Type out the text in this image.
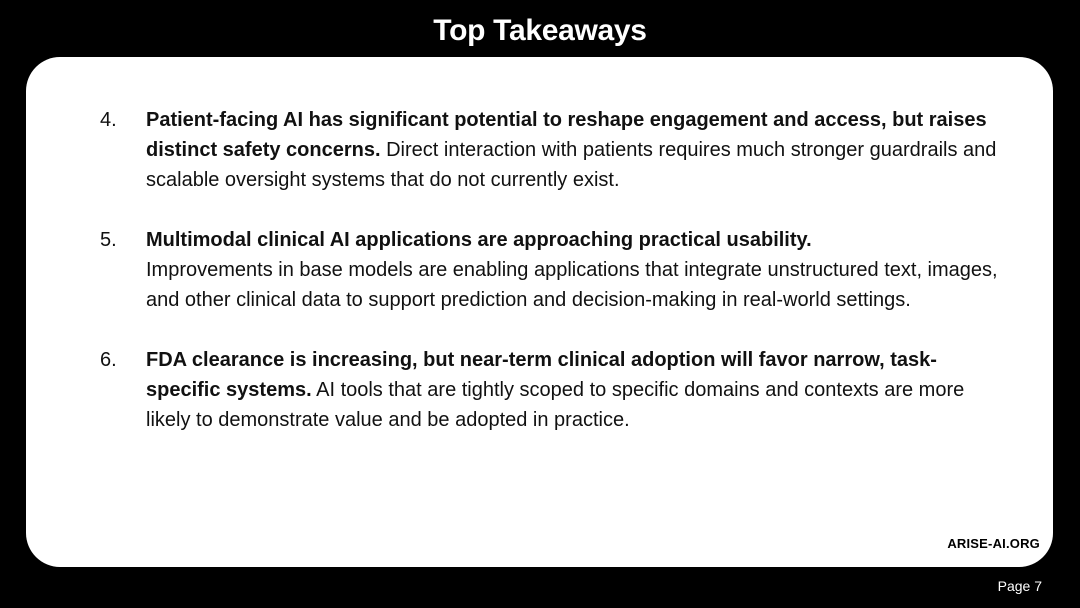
Top Takeaways
4. Patient-facing AI has significant potential to reshape engagement and access, but raises distinct safety concerns. Direct interaction with patients requires much stronger guardrails and scalable oversight systems that do not currently exist.
5. Multimodal clinical AI applications are approaching practical usability.
Improvements in base models are enabling applications that integrate unstructured text, images, and other clinical data to support prediction and decision-making in real-world settings.
6. FDA clearance is increasing, but near-term clinical adoption will favor narrow, task-specific systems. AI tools that are tightly scoped to specific domains and contexts are more likely to demonstrate value and be adopted in practice.
ARISE-AI.ORG
Page 7
